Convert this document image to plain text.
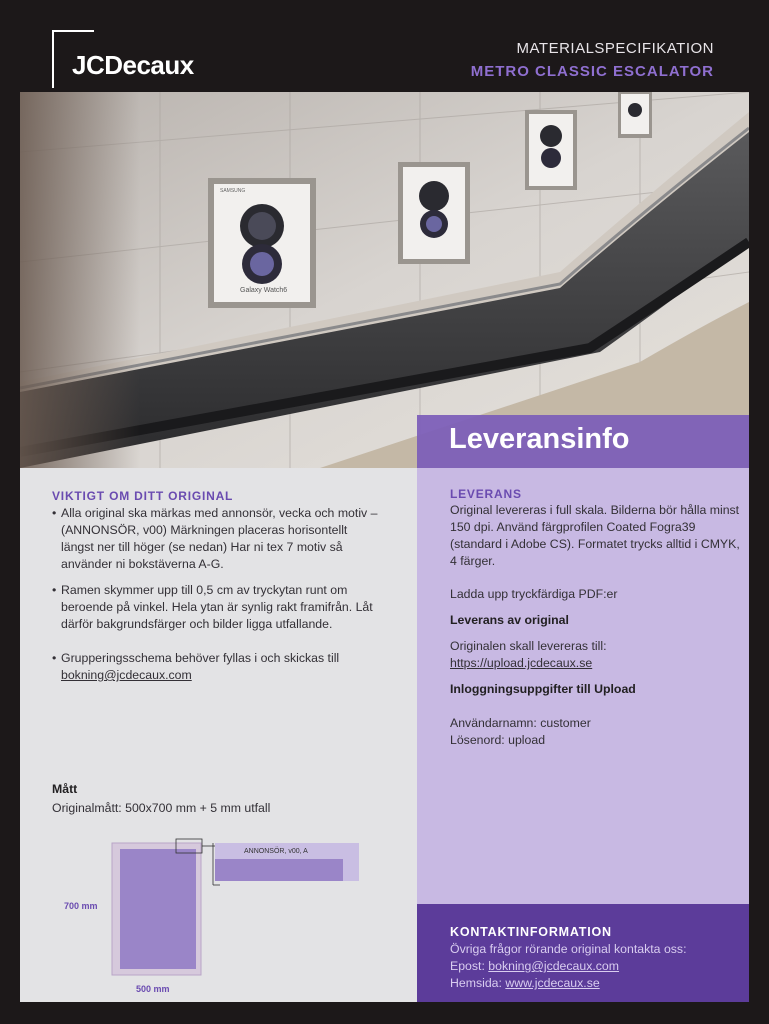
JCDecaux
MATERIALSPECIFIKATION
METRO CLASSIC ESCALATOR
SAMSUNG
Galaxy Watch6
Leveransinfo
VIKTIGT OM DITT ORIGINAL
• Alla original ska märkas med annonsör, vecka och motiv – (ANNONSÖR, v00) Märkningen placeras horisontellt längst ner till höger (se nedan) Har ni tex 7 motiv så använder ni bokstäverna A-G.
• Ramen skymmer upp till 0,5 cm av tryckytan runt om beroende på vinkel. Hela ytan är synlig rakt framifrån. Låt därför bakgrundsfärger och bilder ligga utfallande.
• Grupperingsschema behöver fyllas i och skickas till
bokning@jcdecaux.com
Mått
Originalmått: 500x700 mm + 5 mm utfall
ANNONSÖR, v00, A
700 mm
500 mm
LEVERANS
Original levereras i full skala. Bilderna bör hålla minst 150 dpi. Använd färgprofilen Coated Fogra39 (standard i Adobe CS). Formatet trycks alltid i CMYK, 4 färger.
Ladda upp tryckfärdiga PDF:er
Leverans av original
Originalen skall levereras till:
https://upload.jcdecaux.se
Inloggningsuppgifter till Upload
Användarnamn: customer
Lösenord: upload
KONTAKTINFORMATION
Övriga frågor rörande original kontakta oss:
Epost: bokning@jcdecaux.com
Hemsida: www.jcdecaux.se
